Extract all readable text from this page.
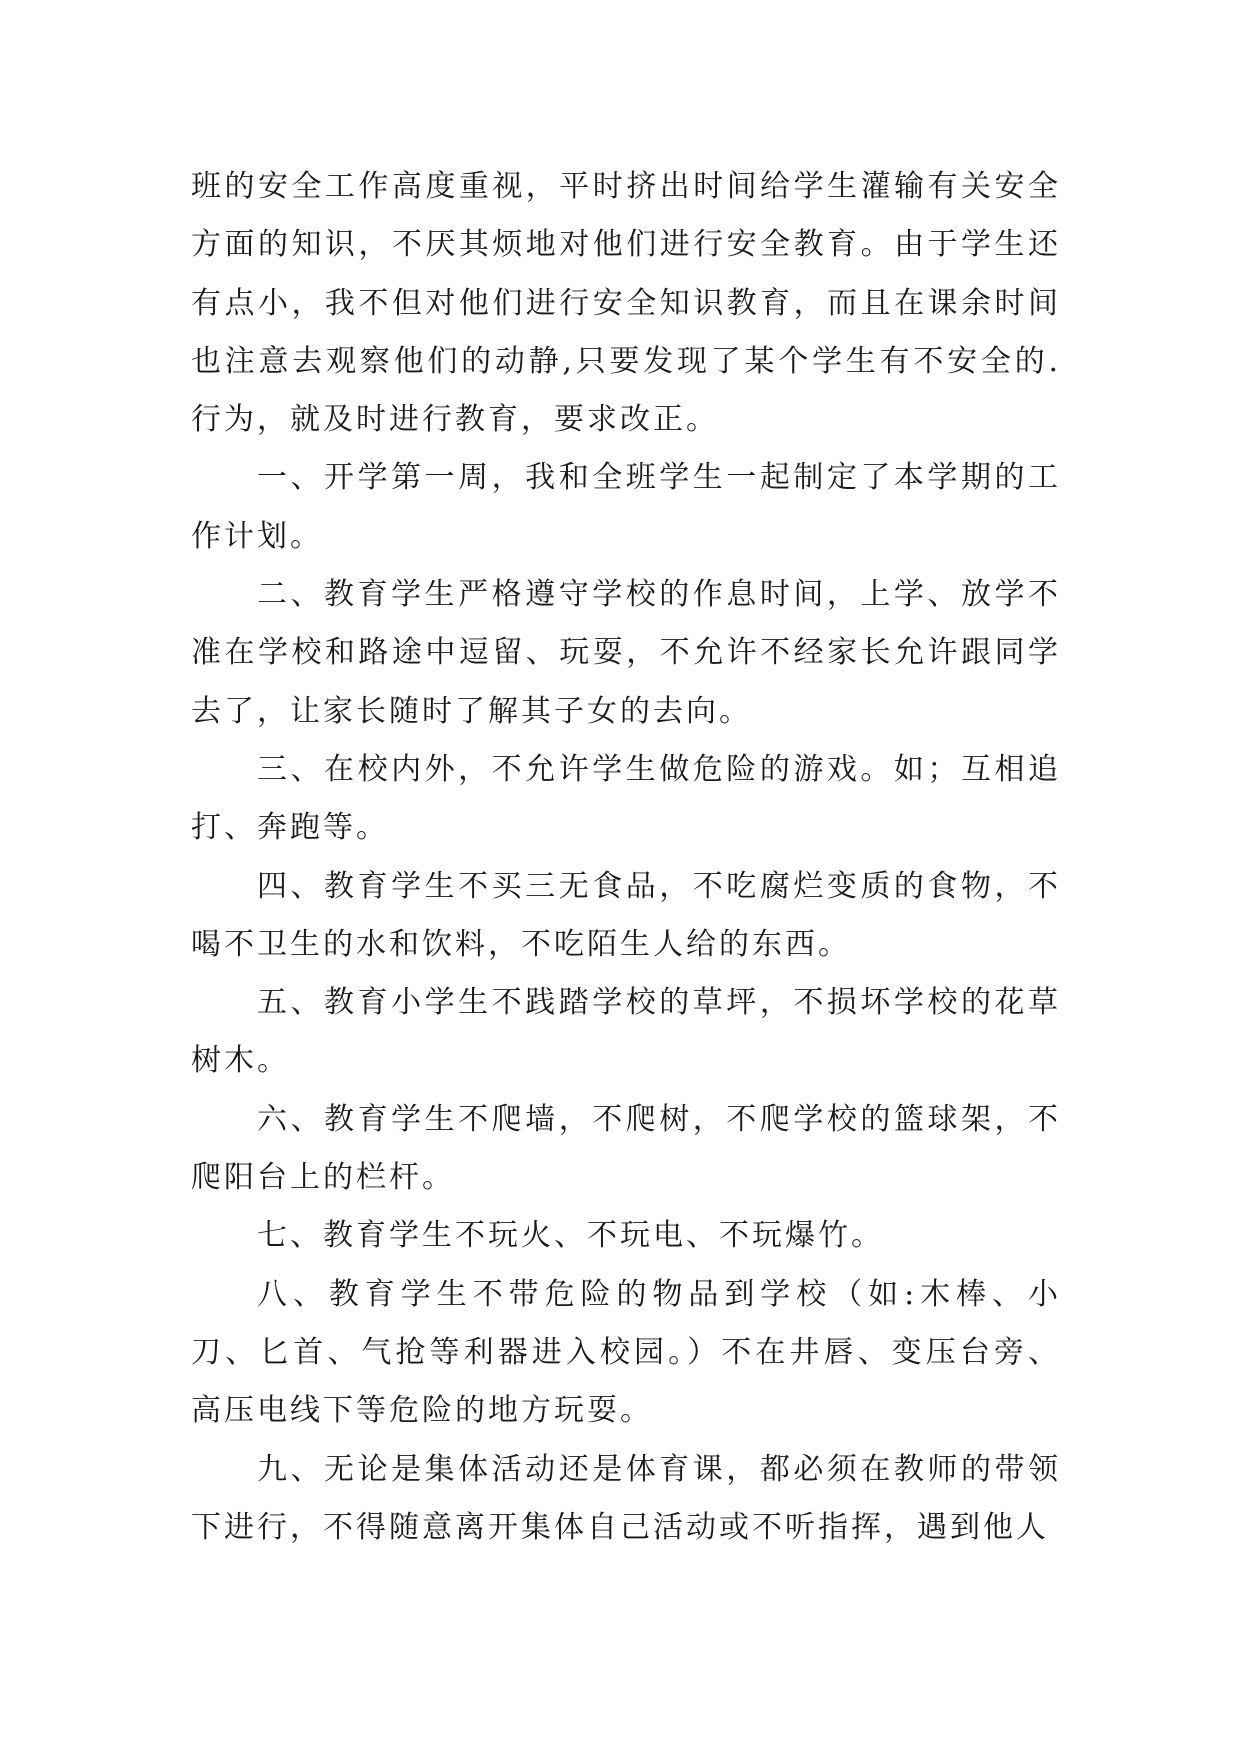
班的安全工作高度重视，平时挤出时间给学生灌输有关安全方面的知识，不厌其烦地对他们进行安全教育。由于学生还有点小，我不但对他们进行安全知识教育，而且在课余时间也注意去观察他们的动静,只要发现了某个学生有不安全的.行为，就及时进行教育，要求改正。

一、开学第一周，我和全班学生一起制定了本学期的工作计划。

二、教育学生严格遵守学校的作息时间，上学、放学不准在学校和路途中逗留、玩耍，不允许不经家长允许跟同学去了，让家长随时了解其子女的去向。

三、在校内外，不允许学生做危险的游戏。如；互相追打、奔跑等。

四、教育学生不买三无食品，不吃腐烂变质的食物，不喝不卫生的水和饮料，不吃陌生人给的东西。

五、教育小学生不践踏学校的草坪，不损坏学校的花草树木。

六、教育学生不爬墙，不爬树，不爬学校的篮球架，不爬阳台上的栏杆。

七、教育学生不玩火、不玩电、不玩爆竹。

八、教育学生不带危险的物品到学校（如:木棒、小刀、匕首、气抢等利器进入校园。）不在井唇、变压台旁、高压电线下等危险的地方玩耍。

九、无论是集体活动还是体育课，都必须在教师的带领下进行，不得随意离开集体自己活动或不听指挥，遇到他人
